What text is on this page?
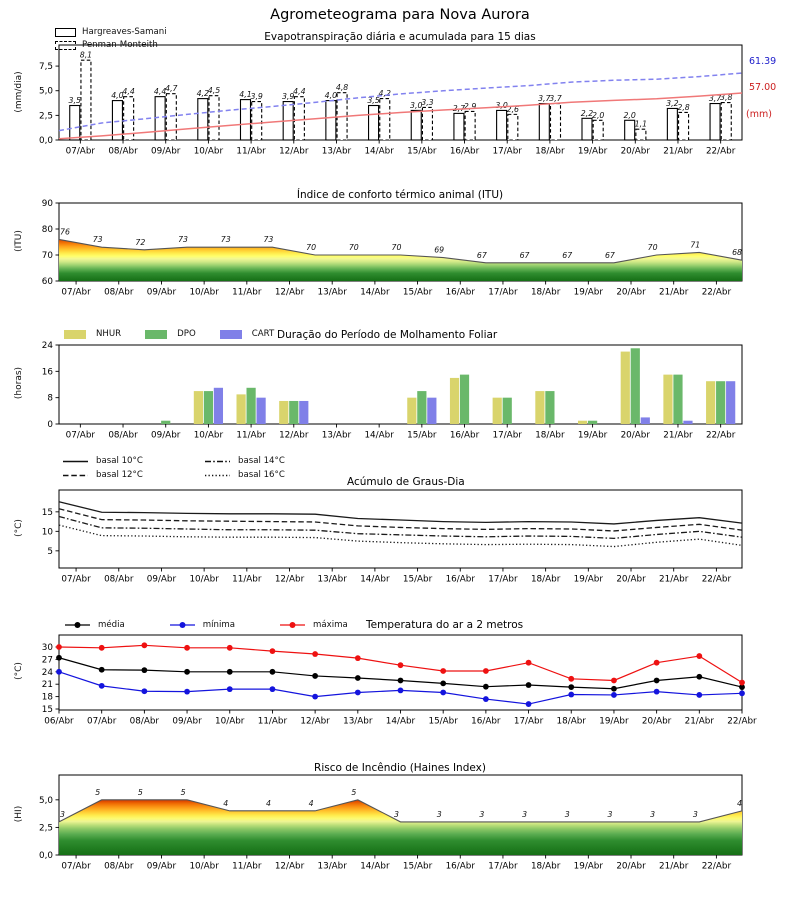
Agrometeograma para Nova Aurora
Evapotranspiração diária e acumulada para 15 dias
Índice de conforto térmico animal (ITU)
Duração do Período de Molhamento Foliar
Acúmulo de Graus-Dia
Temperatura do ar a 2 metros
Risco de Incêndio (Haines Index)
(mm/dia)
(ITU)
(horas)
(°C)
(°C)
(HI)
61.39
57.00
(mm)
Hargreaves-Samani
Penman-Monteith
NHUR	DPO	CART
basal 10°C	basal 14°C
basal 12°C	basal 16°C
média	mínima	máxima
0,0
2,5
5,0
7,5
07/Abr 08/Abr 09/Abr 10/Abr 11/Abr 12/Abr 13/Abr 14/Abr 15/Abr 16/Abr 17/Abr 18/Abr 19/Abr 20/Abr 21/Abr 22/Abr
60
70
80
90
07/Abr 08/Abr 09/Abr 10/Abr 11/Abr 12/Abr 13/Abr 14/Abr 15/Abr 16/Abr 17/Abr 18/Abr 19/Abr 20/Abr 21/Abr 22/Abr
0
8
16
24
07/Abr 08/Abr 09/Abr 10/Abr 11/Abr 12/Abr 13/Abr 14/Abr 15/Abr 16/Abr 17/Abr 18/Abr 19/Abr 20/Abr 21/Abr 22/Abr
5
10
15
07/Abr 08/Abr 09/Abr 10/Abr 11/Abr 12/Abr 13/Abr 14/Abr 15/Abr 16/Abr 17/Abr 18/Abr 19/Abr 20/Abr 21/Abr 22/Abr
15
18
21
24
27
30
06/Abr 07/Abr 08/Abr 09/Abr 10/Abr 11/Abr 12/Abr 13/Abr 14/Abr 15/Abr 16/Abr 17/Abr 18/Abr 19/Abr 20/Abr 21/Abr 22/Abr
0,0
2,5
5,0
07/Abr 08/Abr 09/Abr 10/Abr 11/Abr 12/Abr 13/Abr 14/Abr 15/Abr 16/Abr 17/Abr 18/Abr 19/Abr 20/Abr 21/Abr 22/Abr
3,5
4,0	4,4	4,2	4,1	3,9	4,0
3,5
3,0	2,7	3,0
3,7
2,2	2,0
3,2
3,7
8,1
4,4	4,7	4,5
3,9
4,4	4,8
4,2
3,3	2,9	2,6
3,7
2,0
1,1
2,8
3,8
76
73	72	73	73	73
70	70	70	69
67	67	67	67
70	71
68
3
5	5	5
4	4	4
5
3	3	3	3	3	3	3	3
4
